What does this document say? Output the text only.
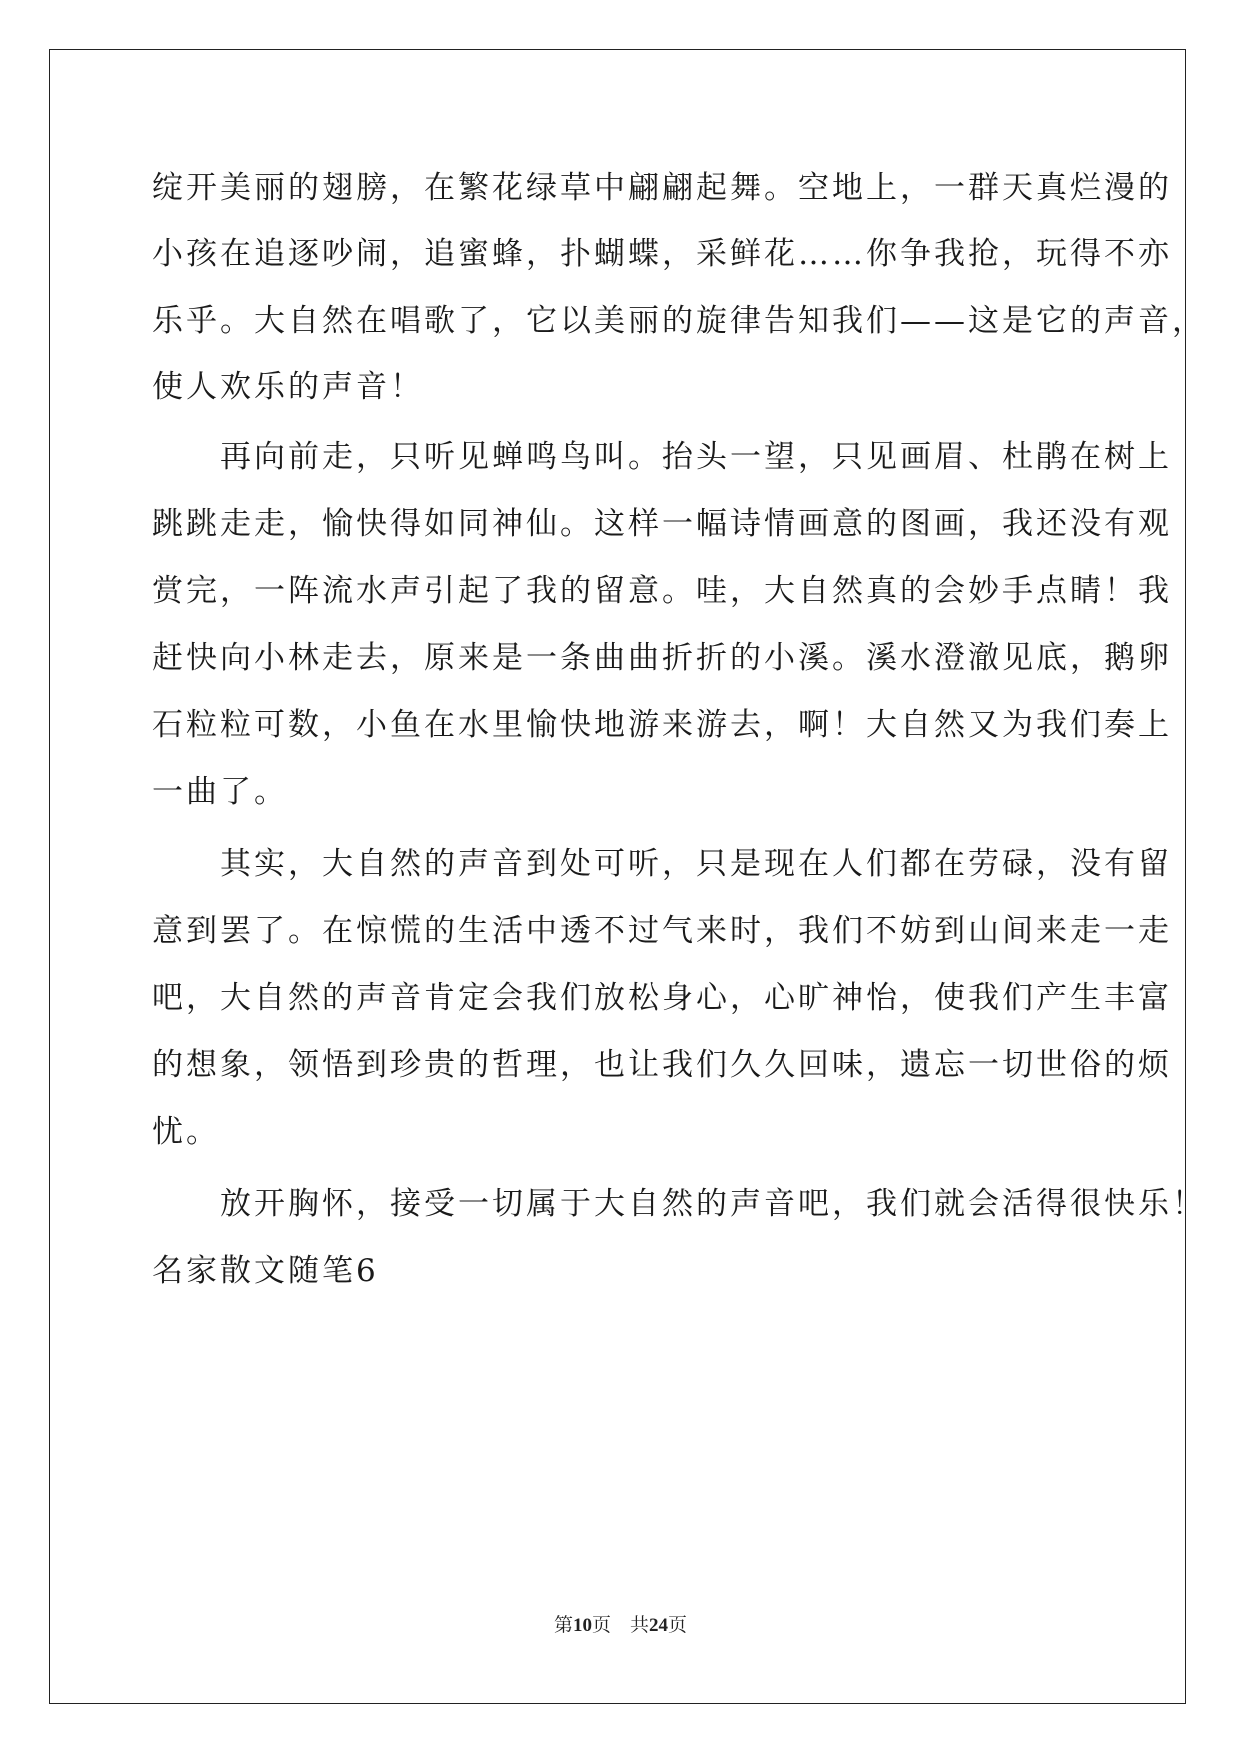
绽开美丽的翅膀，在繁花绿草中翩翩起舞。空地上，一群天真烂漫的
小孩在追逐吵闹，追蜜蜂，扑蝴蝶，采鲜花……你争我抢，玩得不亦
乐乎。大自然在唱歌了，它以美丽的旋律告知我们——这是它的声音，
使人欢乐的声音！
　　再向前走，只听见蝉鸣鸟叫。抬头一望，只见画眉、杜鹃在树上
跳跳走走，愉快得如同神仙。这样一幅诗情画意的图画，我还没有观
赏完，一阵流水声引起了我的留意。哇，大自然真的会妙手点睛！我
赶快向小林走去，原来是一条曲曲折折的小溪。溪水澄澈见底，鹅卵
石粒粒可数，小鱼在水里愉快地游来游去，啊！大自然又为我们奏上
一曲了。
　　其实，大自然的声音到处可听，只是现在人们都在劳碌，没有留
意到罢了。在惊慌的生活中透不过气来时，我们不妨到山间来走一走
吧，大自然的声音肯定会我们放松身心，心旷神怡，使我们产生丰富
的想象，领悟到珍贵的哲理，也让我们久久回味，遗忘一切世俗的烦
忧。
　　放开胸怀，接受一切属于大自然的声音吧，我们就会活得很快乐！
名家散文随笔6
第10页　共24页
